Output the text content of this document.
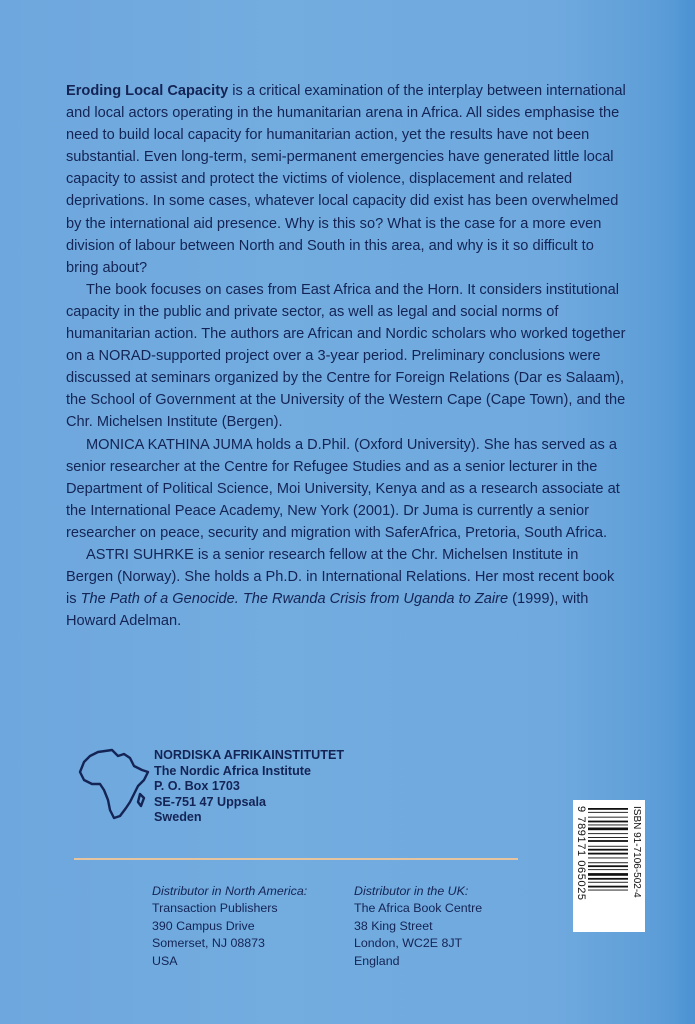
Eroding Local Capacity is a critical examination of the interplay between international and local actors operating in the humanitarian arena in Africa. All sides emphasise the need to build local capacity for humanitarian action, yet the results have not been substantial. Even long-term, semi-permanent emergencies have generated little local capacity to assist and protect the victims of violence, displacement and related deprivations. In some cases, whatever local capacity did exist has been overwhelmed by the international aid presence. Why is this so? What is the case for a more even division of labour between North and South in this area, and why is it so difficult to bring about?

The book focuses on cases from East Africa and the Horn. It considers institutional capacity in the public and private sector, as well as legal and social norms of humanitarian action. The authors are African and Nordic scholars who worked together on a NORAD-supported project over a 3-year period. Preliminary conclusions were discussed at seminars organized by the Centre for Foreign Relations (Dar es Salaam), the School of Government at the University of the Western Cape (Cape Town), and the Chr. Michelsen Institute (Bergen).

MONICA KATHINA JUMA holds a D.Phil. (Oxford University). She has served as a senior researcher at the Centre for Refugee Studies and as a senior lecturer in the Department of Political Science, Moi University, Kenya and as a research associate at the International Peace Academy, New York (2001). Dr Juma is currently a senior researcher on peace, security and migration with SaferAfrica, Pretoria, South Africa.

ASTRI SUHRKE is a senior research fellow at the Chr. Michelsen Institute in Bergen (Norway). She holds a Ph.D. in International Relations. Her most recent book is The Path of a Genocide. The Rwanda Crisis from Uganda to Zaire (1999), with Howard Adelman.

NORDISKA AFRIKAINSTITUTET
The Nordic Africa Institute
P. O. Box 1703
SE-751 47 Uppsala
Sweden
Distributor in North America:
Transaction Publishers
390 Campus Drive
Somerset, NJ 08873
USA
Distributor in the UK:
The Africa Book Centre
38 King Street
London, WC2E 8JT
England
9 789171 065025	ISBN 91-7106-502-4
